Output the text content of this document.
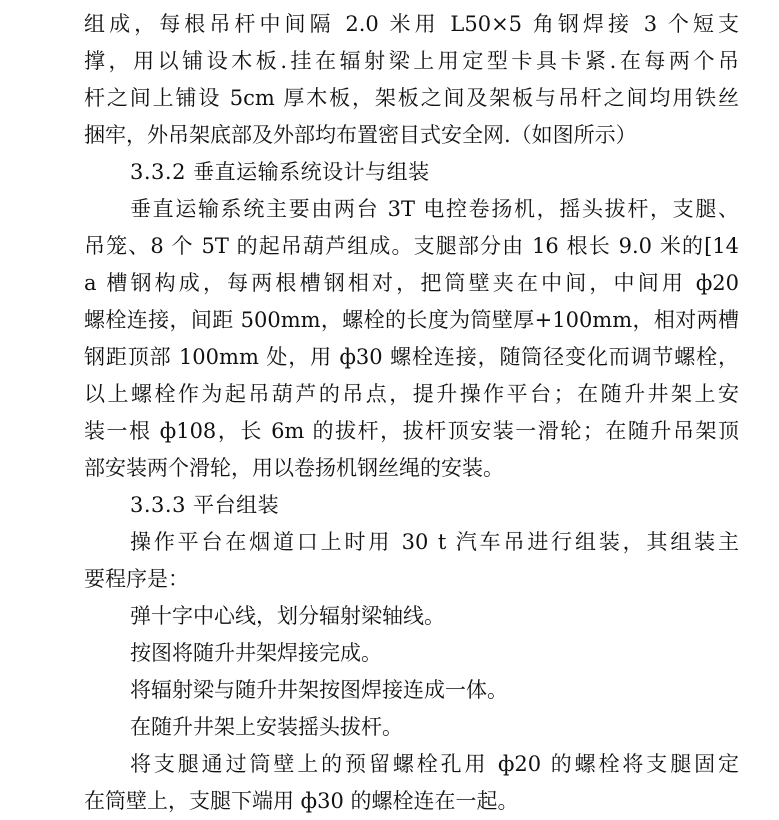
组成，每根吊杆中间隔 2.0 米用 L50×5 角钢焊接 3 个短支
撑，用以铺设木板.挂在辐射梁上用定型卡具卡紧.在每两个吊
杆之间上铺设 5cm 厚木板，架板之间及架板与吊杆之间均用铁丝
捆牢，外吊架底部及外部均布置密目式安全网.（如图所示）
3.3.2 垂直运输系统设计与组装
垂直运输系统主要由两台 3T 电控卷扬机，摇头拔杆，支腿、
吊笼、8 个 5T 的起吊葫芦组成。支腿部分由 16 根长 9.0 米的[14
a 槽钢构成，每两根槽钢相对，把筒壁夹在中间，中间用 ф20
螺栓连接，间距 500mm，螺栓的长度为筒壁厚+100mm，相对两槽
钢距顶部 100mm 处，用 ф30 螺栓连接，随筒径变化而调节螺栓，
以上螺栓作为起吊葫芦的吊点，提升操作平台；在随升井架上安
装一根 ф108，长 6m 的拔杆，拔杆顶安装一滑轮；在随升吊架顶
部安装两个滑轮，用以卷扬机钢丝绳的安装。
3.3.3 平台组装
操作平台在烟道口上时用 30 t 汽车吊进行组装，其组装主
要程序是：
弹十字中心线，划分辐射梁轴线。
按图将随升井架焊接完成。
将辐射梁与随升井架按图焊接连成一体。
在随升井架上安装摇头拔杆。
将支腿通过筒壁上的预留螺栓孔用 ф20 的螺栓将支腿固定
在筒壁上，支腿下端用 ф30 的螺栓连在一起。
